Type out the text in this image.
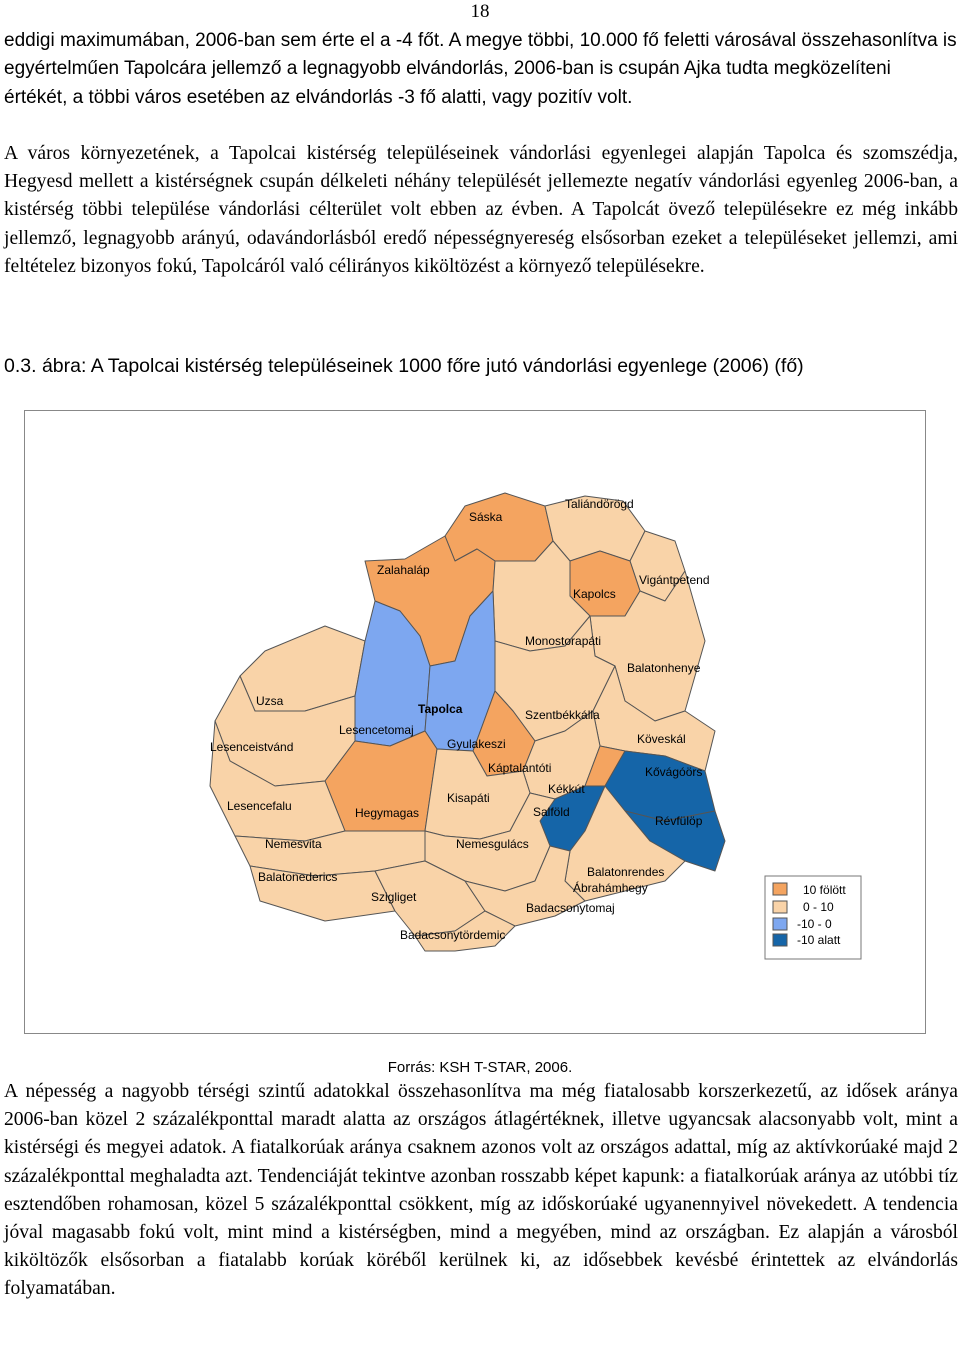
18

eddigi maximumában, 2006-ban sem érte el a -4 főt. A megye többi, 10.000 fő feletti városával összehasonlítva is egyértelműen Tapolcára jellemző a legnagyobb elvándorlás, 2006-ban is csupán Ajka tudta megközelíteni értékét, a többi város esetében az elvándorlás -3 fő alatti, vagy pozitív volt.

A város környezetének, a Tapolcai kistérség településeinek vándorlási egyenlegei alapján Tapolca és szomszédja, Hegyesd mellett a kistérségnek csupán délkeleti néhány települését jellemezte negatív vándorlási egyenleg 2006-ban, a kistérség többi települése vándorlási célterület volt ebben az évben. A Tapolcát övező településekre ez még inkább jellemző, legnagyobb arányú, odavándorlásból eredő népességnyereség elsősorban ezeket a településeket jellemzi, ami feltételez bizonyos fokú, Tapolcáról való célirányos kiköltözést a környező településekre.

0.3. ábra: A Tapolcai kistérség településeinek 1000 főre jutó vándorlási egyenlege (2006) (fő)
Sáska
Taliándörögd
Zalahaláp
Vigántpetend
Kapolcs
Monostorapáti
Balatonhenye
Uzsa
Tapolca	Szentbékkálla
Lesencetomaj
Lesenceistvánd	Gyulakeszi	Köveskál
Káptalantóti
Kékkút
Kővágóörs
Lesencefalu
Kisapáti
Hegymagas	Salföld
Révfülöp
Nemesvita	Nemesgulács
Balatonederics	Balatonrendes
Ábrahámhegy
Szigliget
Badacsonytomaj
Badacsonytördemic
10 fölött
0 - 10
-10 - 0
-10 alatt
Forrás: KSH T-STAR, 2006.

A népesség a nagyobb térségi szintű adatokkal összehasonlítva ma még fiatalosabb korszerkezetű, az idősek aránya 2006-ban közel 2 százalékponttal maradt alatta az országos átlagértéknek, illetve ugyancsak alacsonyabb volt, mint a kistérségi és megyei adatok. A fiatalkorúak aránya csaknem azonos volt az országos adattal, míg az aktívkorúaké majd 2 százalékponttal meghaladta azt. Tendenciáját tekintve azonban rosszabb képet kapunk: a fiatalkorúak aránya az utóbbi tíz esztendőben rohamosan, közel 5 százalékponttal csökkent, míg az időskorúaké ugyanennyivel növekedett. A tendencia jóval magasabb fokú volt, mint mind a kistérségben, mind a megyében, mind az országban. Ez alapján a városból kiköltözők elsősorban a fiatalabb korúak köréből kerülnek ki, az idősebbek kevésbé érintettek az elvándorlás folyamatában.
